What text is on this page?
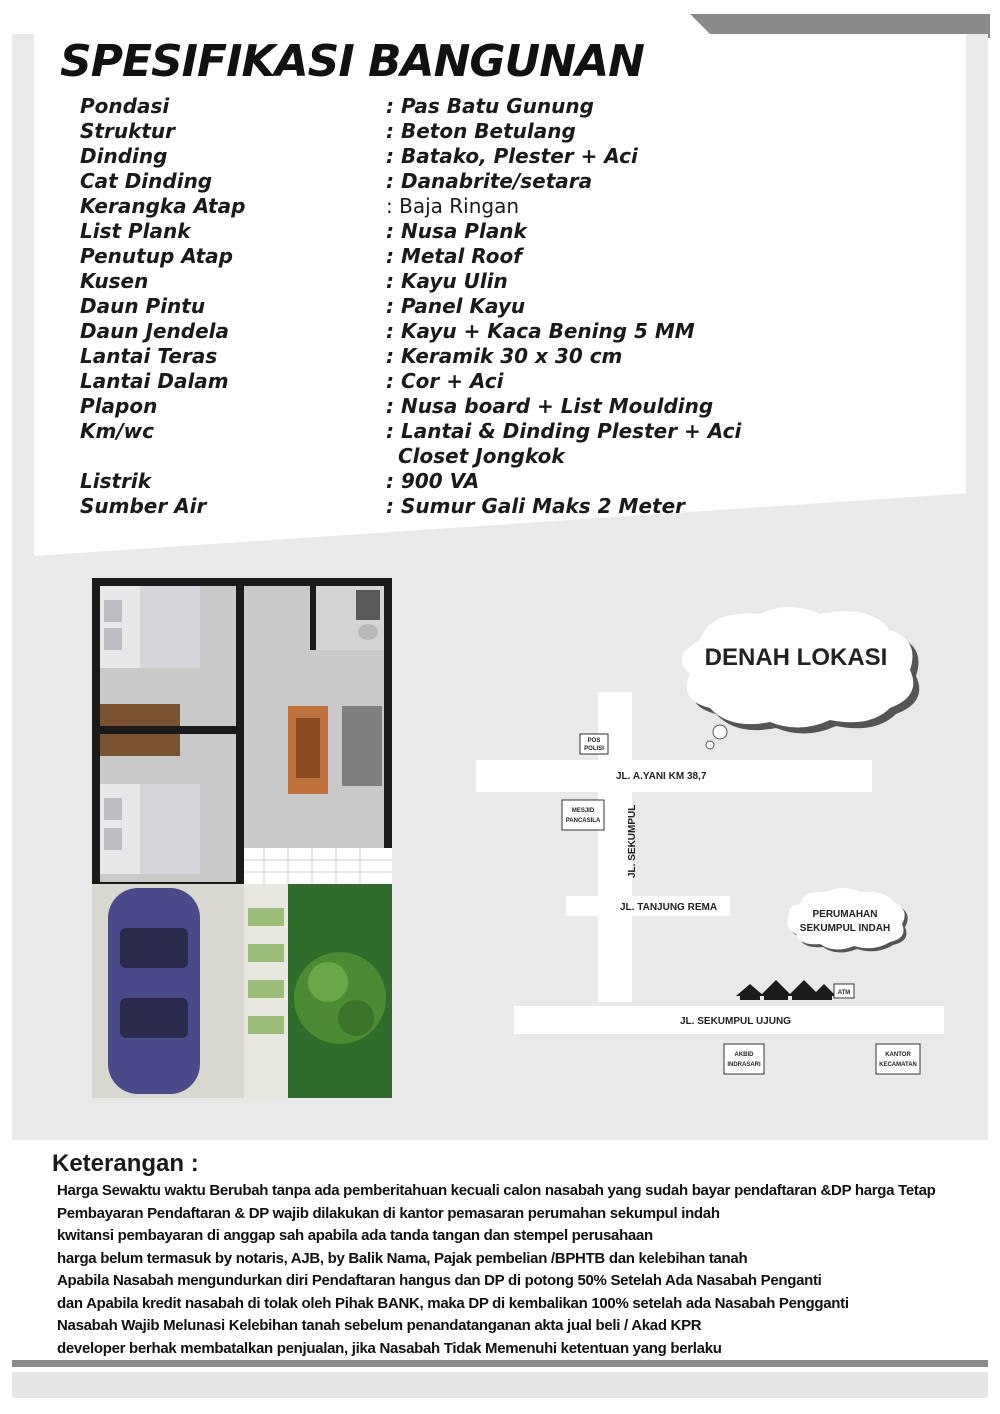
SPESIFIKASI BANGUNAN
Pondasi	: Pas Batu Gunung
Struktur	: Beton Betulang
Dinding	: Batako, Plester + Aci
Cat Dinding	: Danabrite/setara
Kerangka Atap	: Baja Ringan
List Plank	: Nusa Plank
Penutup Atap	: Metal Roof
Kusen	: Kayu Ulin
Daun Pintu	: Panel Kayu
Daun Jendela	: Kayu + Kaca Bening 5 MM
Lantai Teras	: Keramik 30 x 30 cm
Lantai Dalam	: Cor + Aci
Plapon	: Nusa board + List Moulding
Km/wc	: Lantai & Dinding Plester + Aci
Closet Jongkok
Listrik	: 900 VA
Sumber Air	: Sumur Gali Maks 2 Meter
DENAH LOKASI
JL. A.YANI KM 38,7
JL. SEKUMPUL
JL. TANJUNG REMA
JL. SEKUMPUL UJUNG
POS
POLISI
MESJID
PANCASILA
PERUMAHAN
SEKUMPUL INDAH
ATM
AKBID
INDRASARI
KANTOR
KECAMATAN
Keterangan :
Harga Sewaktu waktu Berubah tanpa ada pemberitahuan kecuali calon nasabah yang sudah bayar pendaftaran &DP harga Tetap
Pembayaran Pendaftaran & DP wajib dilakukan di kantor pemasaran perumahan sekumpul indah
kwitansi pembayaran di anggap sah apabila ada tanda tangan dan stempel perusahaan
harga belum termasuk by notaris, AJB, by Balik Nama, Pajak pembelian /BPHTB dan kelebihan tanah
Apabila Nasabah mengundurkan diri Pendaftaran hangus dan DP di potong 50% Setelah Ada Nasabah Penganti
dan Apabila kredit nasabah di tolak oleh Pihak BANK, maka DP di kembalikan 100% setelah ada Nasabah Pengganti
Nasabah Wajib Melunasi Kelebihan tanah sebelum penandatanganan akta jual beli / Akad KPR
developer berhak membatalkan penjualan, jika Nasabah Tidak Memenuhi ketentuan yang berlaku
